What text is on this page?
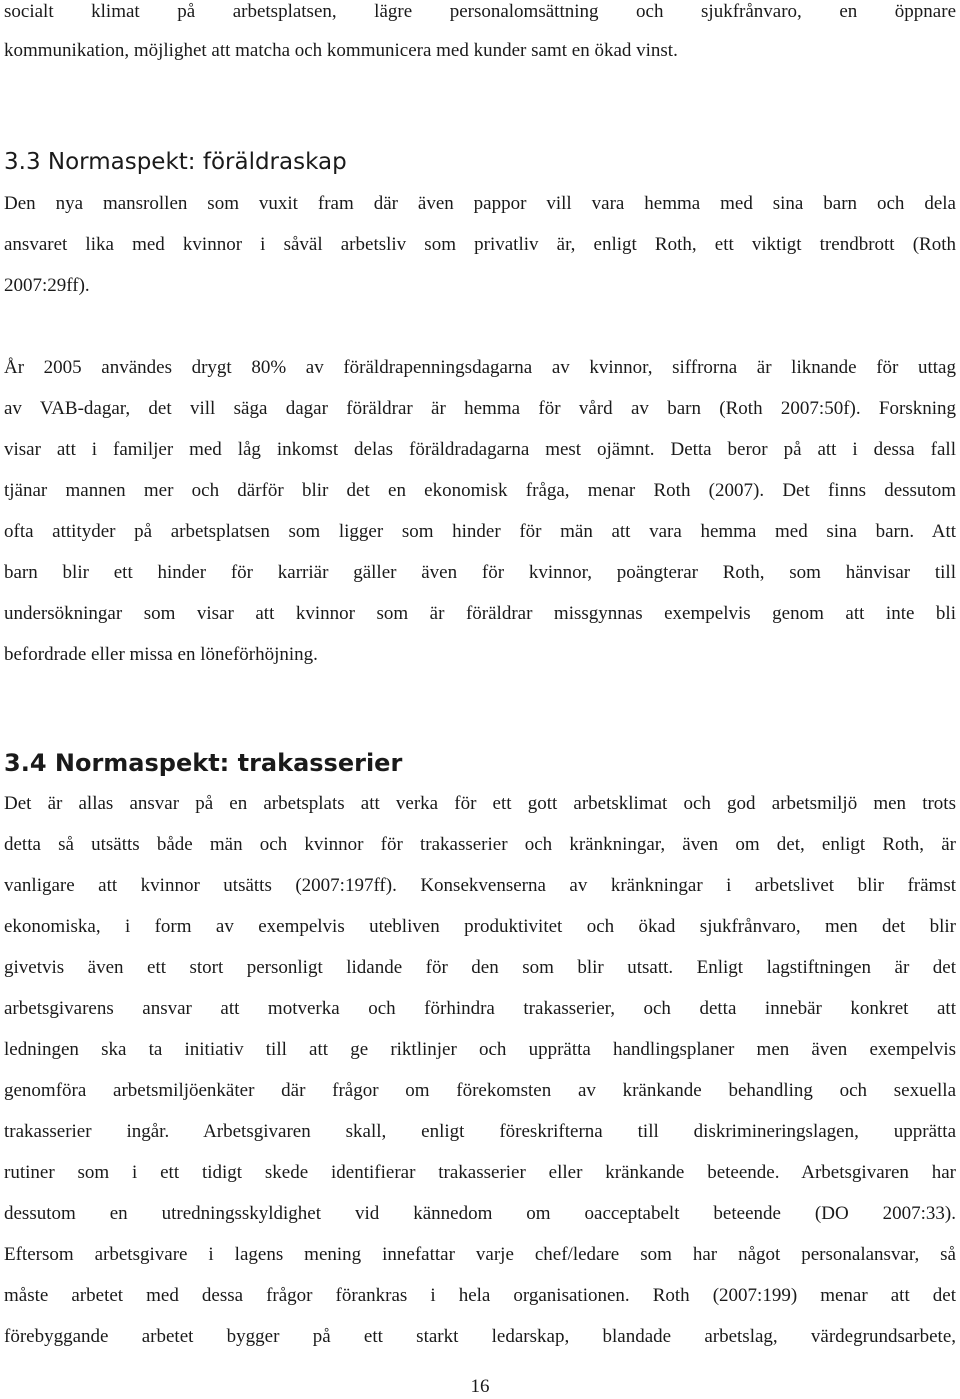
socialt klimat på arbetsplatsen, lägre personalomsättning och sjukfrånvaro, en öppnare
kommunikation, möjlighet att matcha och kommunicera med kunder samt en ökad vinst.
3.3 Normaspekt: föräldraskap
Den nya mansrollen som vuxit fram där även pappor vill vara hemma med sina barn och dela
ansvaret lika med kvinnor i såväl arbetsliv som privatliv är, enligt Roth, ett viktigt trendbrott (Roth
2007:29ff).
År 2005 användes drygt 80% av föräldrapenningsdagarna av kvinnor, siffrorna är liknande för uttag
av VAB-dagar, det vill säga dagar föräldrar är hemma för vård av barn (Roth 2007:50f). Forskning
visar att i familjer med låg inkomst delas föräldradagarna mest ojämnt. Detta beror på att i dessa fall
tjänar mannen mer och därför blir det en ekonomisk fråga, menar Roth (2007). Det finns dessutom
ofta attityder på arbetsplatsen som ligger som hinder för män att vara hemma med sina barn. Att
barn blir ett hinder för karriär gäller även för kvinnor, poängterar Roth, som hänvisar till
undersökningar som visar att kvinnor som är föräldrar missgynnas exempelvis genom att inte bli
befordrade eller missa en löneförhöjning.
3.4 Normaspekt: trakasserier
Det är allas ansvar på en arbetsplats att verka för ett gott arbetsklimat och god arbetsmiljö men trots
detta så utsätts både män och kvinnor för trakasserier och kränkningar, även om det, enligt Roth, är
vanligare att kvinnor utsätts (2007:197ff). Konsekvenserna av kränkningar i arbetslivet blir främst
ekonomiska, i form av exempelvis utebliven produktivitet och ökad sjukfrånvaro, men det blir
givetvis även ett stort personligt lidande för den som blir utsatt. Enligt lagstiftningen är det
arbetsgivarens ansvar att motverka och förhindra trakasserier, och detta innebär konkret att
ledningen ska ta initiativ till att ge riktlinjer och upprätta handlingsplaner men även exempelvis
genomföra arbetsmiljöenkäter där frågor om förekomsten av kränkande behandling och sexuella
trakasserier ingår. Arbetsgivaren skall, enligt föreskrifterna till diskrimineringslagen, upprätta
rutiner som i ett tidigt skede identifierar trakasserier eller kränkande beteende. Arbetsgivaren har
dessutom en utredningsskyldighet vid kännedom om oacceptabelt beteende (DO 2007:33).
Eftersom arbetsgivare i lagens mening innefattar varje chef/ledare som har något personalansvar, så
måste arbetet med dessa frågor förankras i hela organisationen. Roth (2007:199) menar att det
förebyggande arbetet bygger på ett starkt ledarskap, blandade arbetslag, värdegrundsarbete,
16
